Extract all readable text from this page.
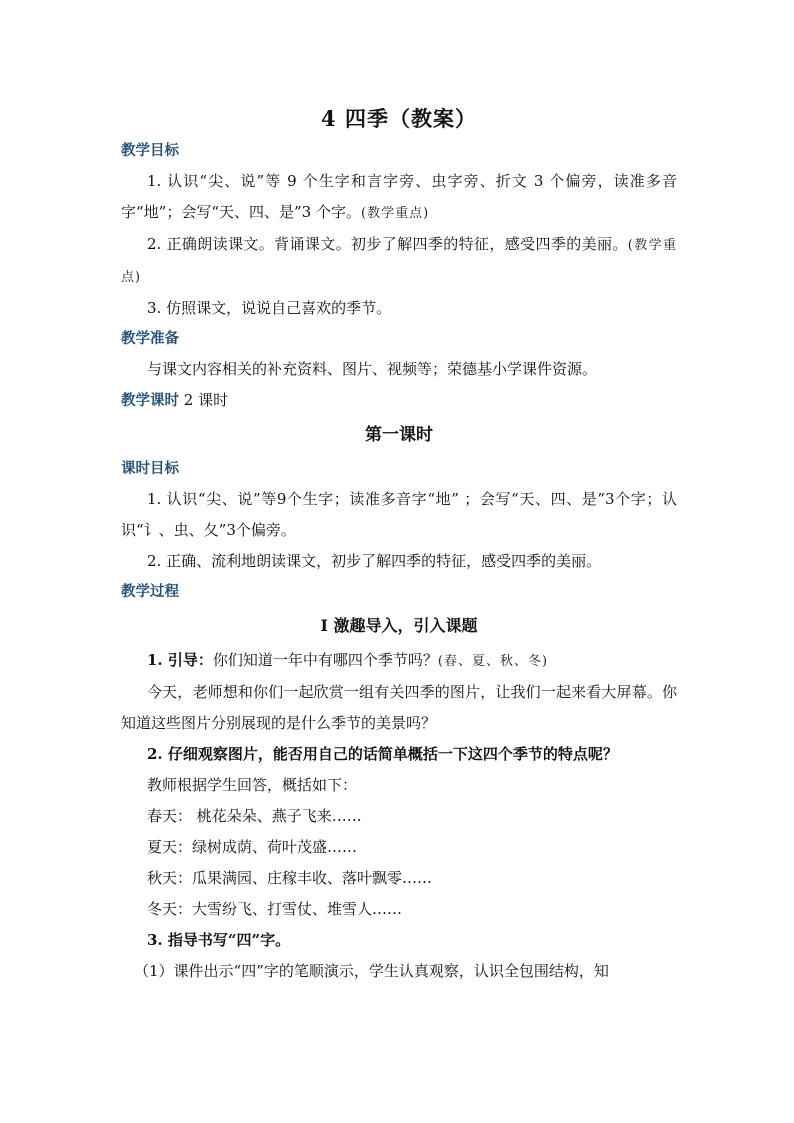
4 四季（教案）

教学目标

1. 认识“尖、说”等 9 个生字和言字旁、虫字旁、折文 3 个偏旁，读准多音字“地”；会写“天、四、是”3 个字。(教学重点)

2. 正确朗读课文。背诵课文。初步了解四季的特征，感受四季的美丽。(教学重点)

3. 仿照课文，说说自己喜欢的季节。

教学准备

与课文内容相关的补充资料、图片、视频等；荣德基小学课件资源。

教学课时 2 课时

第一课时

课时目标

1. 认识“尖、说”等9个生字；读准多音字“地” ；会写“天、四、是”3个字；认识“讠、虫、夂”3个偏旁。

2. 正确、流利地朗读课文，初步了解四季的特征，感受四季的美丽。

教学过程

Ⅰ 激趣导入，引入课题

1. 引导：你们知道一年中有哪四个季节吗？(春、夏、秋、冬)

今天，老师想和你们一起欣赏一组有关四季的图片，让我们一起来看大屏幕。你知道这些图片分别展现的是什么季节的美景吗？

2. 仔细观察图片，能否用自己的话简单概括一下这四个季节的特点呢？

教师根据学生回答，概括如下：

春天： 桃花朵朵、燕子飞来……

夏天：绿树成荫、荷叶茂盛……

秋天：瓜果满园、庄稼丰收、落叶飘零……

冬天：大雪纷飞、打雪仗、堆雪人……

3. 指导书写“四”字。

（1）课件出示“四”字的笔顺演示，学生认真观察，认识全包围结构，知
